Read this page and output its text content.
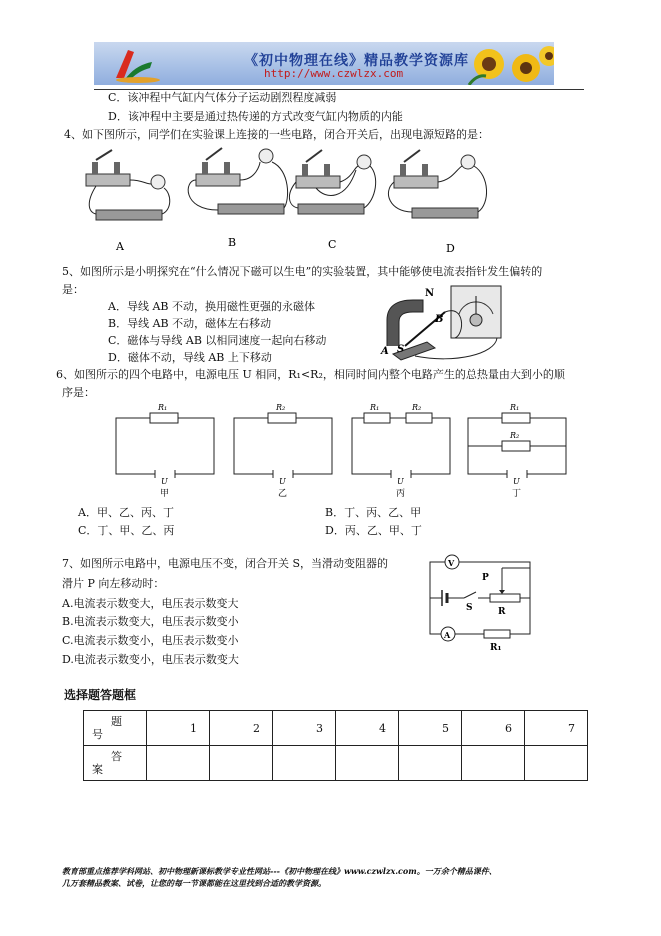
《初中物理在线》精品教学资源库
http://www.czwlzx.com
C．该冲程中气缸内气体分子运动剧烈程度减弱
D．该冲程中主要是通过热传递的方式改变气缸内物质的内能
4、如下图所示，同学们在实验课上连接的一些电路，闭合开关后，出现电源短路的是：
A	B	C	D
5、如图所示是小明探究在“什么情况下磁可以生电”的实验装置，其中能够使电流表指针发生偏转的
是：
A．导线 AB 不动，换用磁性更强的永磁体
B．导线 AB 不动，磁体左右移动
C．磁体与导线 AB 以相同速度一起向右移动
D．磁体不动，导线 AB 上下移动
N
B
A S
6、如图所示的四个电路中，电源电压 U 相同，R₁<R₂，相同时间内整个电路产生的总热量由大到小的顺
序是：
R₁
U
甲
R₂
U
乙
R₁	R₂
U
丙
R₁
R₂
U
丁
A．甲、乙、丙、丁	B．丁、丙、乙、甲
C．丁、甲、乙、丙	D．丙、乙、甲、丁
7、如图所示电路中，电源电压不变，闭合开关 S，当滑动变阻器的
滑片 P 向左移动时：
A.电流表示数变大，电压表示数变大
B.电流表示数变大，电压表示数变小
C.电流表示数变小，电压表示数变小
D.电流表示数变小，电压表示数变大
V
P
S	R
A
R₁
选择题答题框
题
号	1	2	3	4	5	6	7

答
案							

教育部重点推荐学科网站、初中物理新课标教学专业性网站---《初中物理在线》www.czwlzx.com。一万余个精品课件、
几万套精品教案、试卷，让您的每一节课都能在这里找到合适的教学资源。
